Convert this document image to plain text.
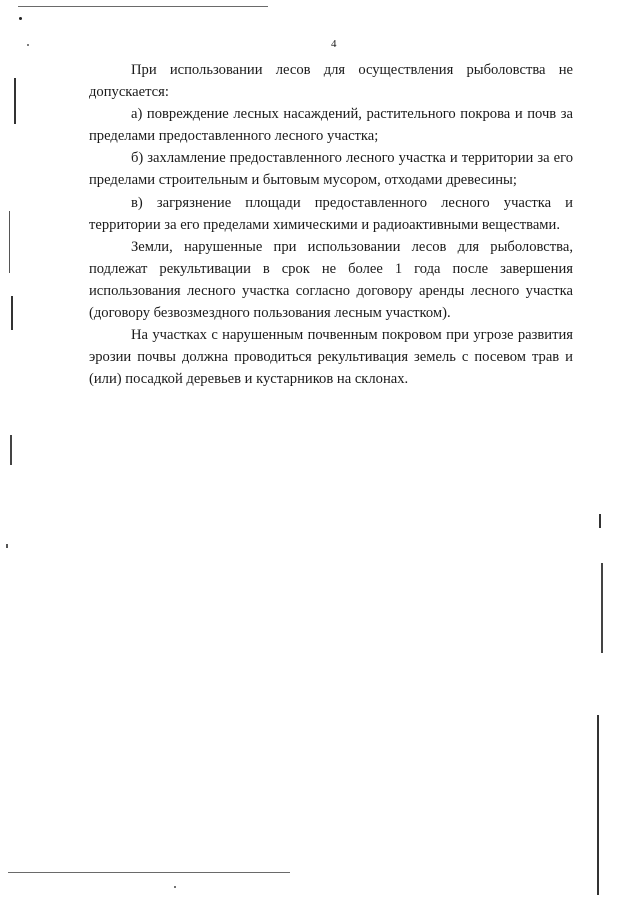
4

При использовании лесов для осуществления рыболовства не допускается:

а) повреждение лесных насаждений, растительного покрова и почв за пределами предоставленного лесного участка;

б) захламление предоставленного лесного участка и территории за его пределами строительным и бытовым мусором, отходами древесины;

в) загрязнение площади предоставленного лесного участка и территории за его пределами химическими и радиоактивными веществами.

Земли, нарушенные при использовании лесов для рыболовства, подлежат рекультивации в срок не более 1 года после завершения использования лесного участка согласно договору аренды лесного участка (договору безвозмездного пользования лесным участком).

На участках с нарушенным почвенным покровом при угрозе развития эрозии почвы должна проводиться рекультивация земель с посевом трав и (или) посадкой деревьев и кустарников на склонах.
